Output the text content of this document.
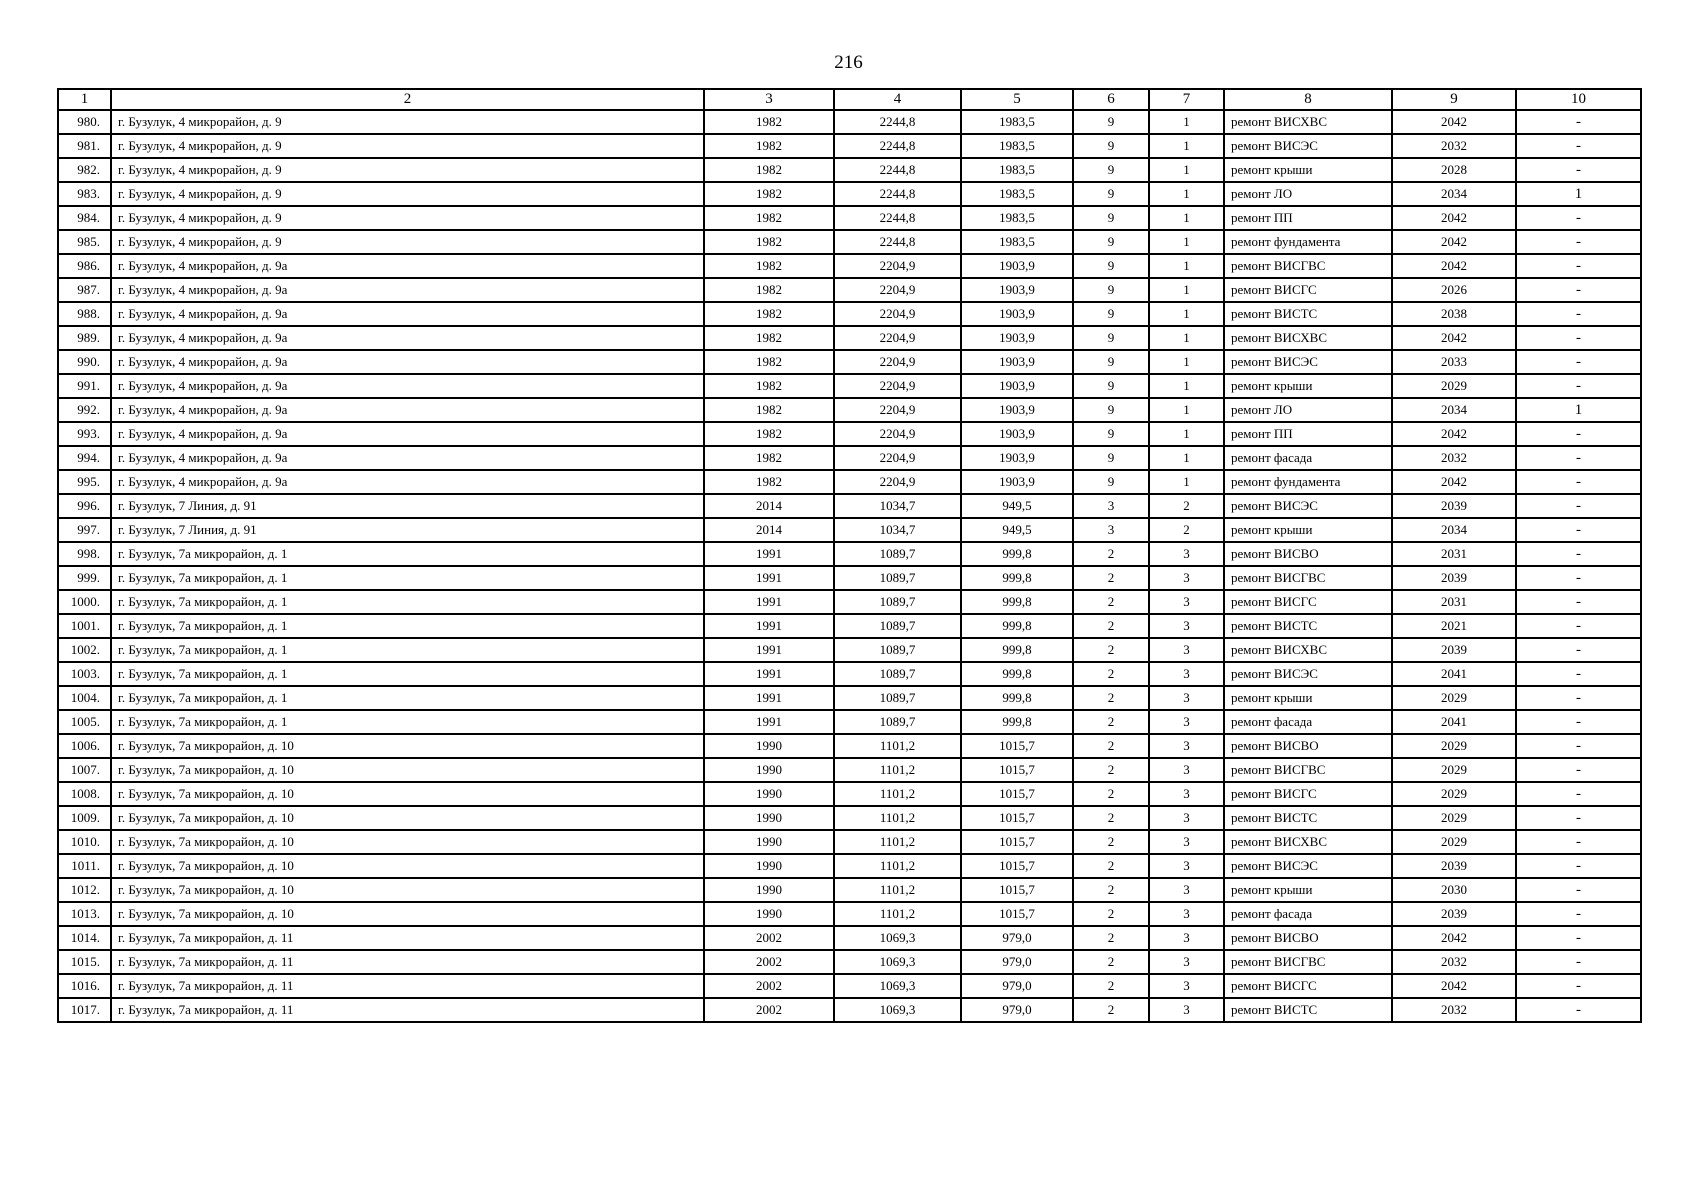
216
1	2	3	4	5	6	7	8	9	10
980.	г. Бузулук, 4 микрорайон, д. 9	1982	2244,8	1983,5	9	1	ремонт ВИСХВС	2042	-
981.	г. Бузулук, 4 микрорайон, д. 9	1982	2244,8	1983,5	9	1	ремонт ВИСЭС	2032	-
982.	г. Бузулук, 4 микрорайон, д. 9	1982	2244,8	1983,5	9	1	ремонт крыши	2028	-
983.	г. Бузулук, 4 микрорайон, д. 9	1982	2244,8	1983,5	9	1	ремонт ЛО	2034	1
984.	г. Бузулук, 4 микрорайон, д. 9	1982	2244,8	1983,5	9	1	ремонт ПП	2042	-
985.	г. Бузулук, 4 микрорайон, д. 9	1982	2244,8	1983,5	9	1	ремонт фундамента	2042	-
986.	г. Бузулук, 4 микрорайон, д. 9а	1982	2204,9	1903,9	9	1	ремонт ВИСГВС	2042	-
987.	г. Бузулук, 4 микрорайон, д. 9а	1982	2204,9	1903,9	9	1	ремонт ВИСГС	2026	-
988.	г. Бузулук, 4 микрорайон, д. 9а	1982	2204,9	1903,9	9	1	ремонт ВИСТС	2038	-
989.	г. Бузулук, 4 микрорайон, д. 9а	1982	2204,9	1903,9	9	1	ремонт ВИСХВС	2042	-
990.	г. Бузулук, 4 микрорайон, д. 9а	1982	2204,9	1903,9	9	1	ремонт ВИСЭС	2033	-
991.	г. Бузулук, 4 микрорайон, д. 9а	1982	2204,9	1903,9	9	1	ремонт крыши	2029	-
992.	г. Бузулук, 4 микрорайон, д. 9а	1982	2204,9	1903,9	9	1	ремонт ЛО	2034	1
993.	г. Бузулук, 4 микрорайон, д. 9а	1982	2204,9	1903,9	9	1	ремонт ПП	2042	-
994.	г. Бузулук, 4 микрорайон, д. 9а	1982	2204,9	1903,9	9	1	ремонт фасада	2032	-
995.	г. Бузулук, 4 микрорайон, д. 9а	1982	2204,9	1903,9	9	1	ремонт фундамента	2042	-
996.	г. Бузулук, 7 Линия, д. 91	2014	1034,7	949,5	3	2	ремонт ВИСЭС	2039	-
997.	г. Бузулук, 7 Линия, д. 91	2014	1034,7	949,5	3	2	ремонт крыши	2034	-
998.	г. Бузулук, 7а микрорайон, д. 1	1991	1089,7	999,8	2	3	ремонт ВИСВО	2031	-
999.	г. Бузулук, 7а микрорайон, д. 1	1991	1089,7	999,8	2	3	ремонт ВИСГВС	2039	-
1000.	г. Бузулук, 7а микрорайон, д. 1	1991	1089,7	999,8	2	3	ремонт ВИСГС	2031	-
1001.	г. Бузулук, 7а микрорайон, д. 1	1991	1089,7	999,8	2	3	ремонт ВИСТС	2021	-
1002.	г. Бузулук, 7а микрорайон, д. 1	1991	1089,7	999,8	2	3	ремонт ВИСХВС	2039	-
1003.	г. Бузулук, 7а микрорайон, д. 1	1991	1089,7	999,8	2	3	ремонт ВИСЭС	2041	-
1004.	г. Бузулук, 7а микрорайон, д. 1	1991	1089,7	999,8	2	3	ремонт крыши	2029	-
1005.	г. Бузулук, 7а микрорайон, д. 1	1991	1089,7	999,8	2	3	ремонт фасада	2041	-
1006.	г. Бузулук, 7а микрорайон, д. 10	1990	1101,2	1015,7	2	3	ремонт ВИСВО	2029	-
1007.	г. Бузулук, 7а микрорайон, д. 10	1990	1101,2	1015,7	2	3	ремонт ВИСГВС	2029	-
1008.	г. Бузулук, 7а микрорайон, д. 10	1990	1101,2	1015,7	2	3	ремонт ВИСГС	2029	-
1009.	г. Бузулук, 7а микрорайон, д. 10	1990	1101,2	1015,7	2	3	ремонт ВИСТС	2029	-
1010.	г. Бузулук, 7а микрорайон, д. 10	1990	1101,2	1015,7	2	3	ремонт ВИСХВС	2029	-
1011.	г. Бузулук, 7а микрорайон, д. 10	1990	1101,2	1015,7	2	3	ремонт ВИСЭС	2039	-
1012.	г. Бузулук, 7а микрорайон, д. 10	1990	1101,2	1015,7	2	3	ремонт крыши	2030	-
1013.	г. Бузулук, 7а микрорайон, д. 10	1990	1101,2	1015,7	2	3	ремонт фасада	2039	-
1014.	г. Бузулук, 7а микрорайон, д. 11	2002	1069,3	979,0	2	3	ремонт ВИСВО	2042	-
1015.	г. Бузулук, 7а микрорайон, д. 11	2002	1069,3	979,0	2	3	ремонт ВИСГВС	2032	-
1016.	г. Бузулук, 7а микрорайон, д. 11	2002	1069,3	979,0	2	3	ремонт ВИСГС	2042	-
1017.	г. Бузулук, 7а микрорайон, д. 11	2002	1069,3	979,0	2	3	ремонт ВИСТС	2032	-
